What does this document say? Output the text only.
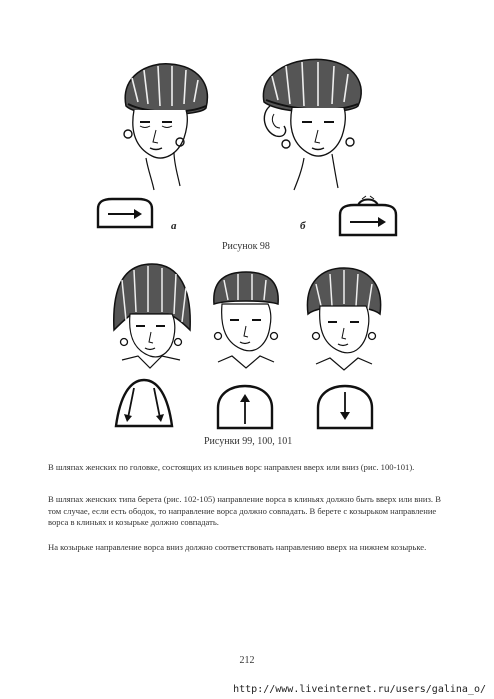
а	б
Рисунок 98
Рисунки 99, 100, 101

В шляпах женских по головке, состоящих из клиньев ворс направлен вверх или вниз (рис. 100-101).

В шляпах женских типа берета (рис. 102-105) направление ворса в клиньях должно быть вверх или вниз. В том случае, если есть ободок, то направление ворса должно совпадать. В берете с козырьком направление ворса в клиньях и козырьке должно совпадать.

На козырьке направление ворса вниз должно соответствовать направлению вверх на нижнем козырьке.

212
http://www.liveinternet.ru/users/galina_o/
